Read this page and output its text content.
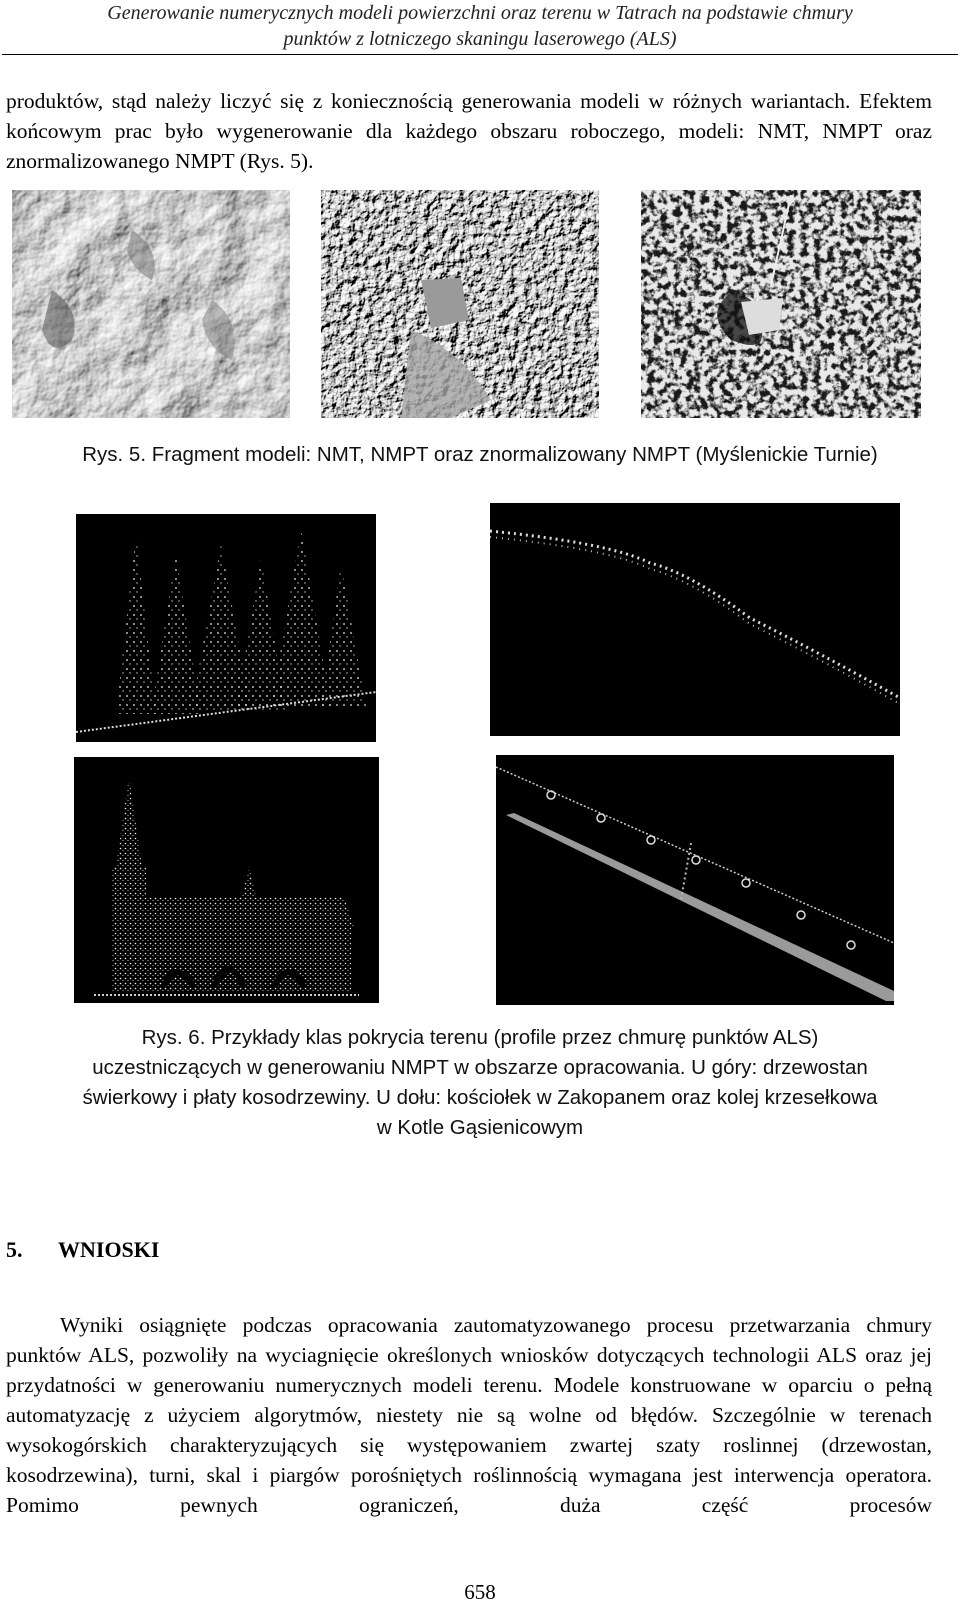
Generowanie numerycznych modeli powierzchni oraz terenu w Tatrach na podstawie chmury
punktów z lotniczego skaningu laserowego (ALS)

produktów, stąd należy liczyć się z koniecznością generowania modeli w różnych wariantach. Efektem końcowym prac było wygenerowanie dla każdego obszaru roboczego, modeli: NMT, NMPT oraz znormalizowanego NMPT (Rys. 5).

Rys. 5. Fragment modeli: NMT, NMPT oraz znormalizowany NMPT (Myślenickie Turnie)

Rys. 6. Przykłady klas pokrycia terenu (profile przez chmurę punktów ALS)
uczestniczących w generowaniu NMPT w obszarze opracowania. U góry: drzewostan
świerkowy i płaty kosodrzewiny. U dołu: kościołek w Zakopanem oraz kolej krzesełkowa
w Kotle Gąsienicowym
5. WNIOSKI

Wyniki osiągnięte podczas opracowania zautomatyzowanego procesu przetwarzania chmury punktów ALS, pozwoliły na wyciagnięcie określonych wniosków dotyczących technologii ALS oraz jej przydatności w generowaniu numerycznych modeli terenu. Modele konstruowane w oparciu o pełną automatyzację z użyciem algorytmów, niestety nie są wolne od błędów. Szczególnie w terenach wysokogórskich charakteryzujących się występowaniem zwartej szaty roslinnej (drzewostan, kosodrzewina), turni, skal i piargów porośniętych roślinnością wymagana jest interwencja operatora. Pomimo pewnych ograniczeń, duża część procesów

658
